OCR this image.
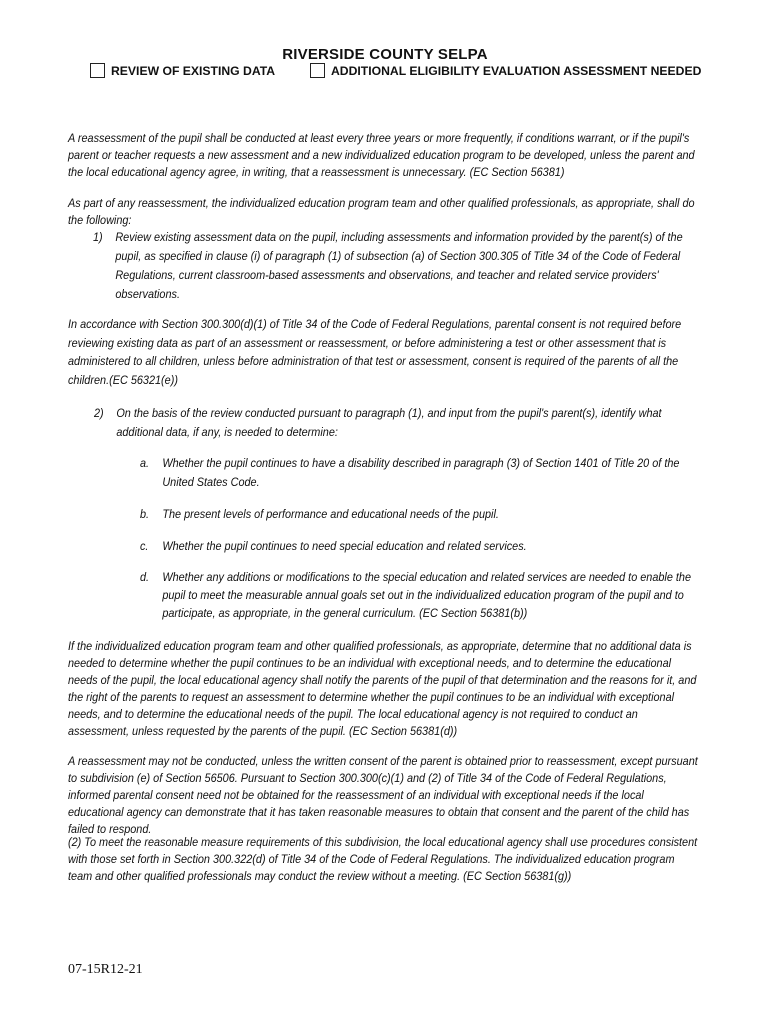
RIVERSIDE COUNTY SELPA
REVIEW OF EXISTING DATA	ADDITIONAL ELIGIBILITY EVALUATION ASSESSMENT NEEDED

A reassessment of the pupil shall be conducted at least every three years or more frequently, if conditions warrant, or if the pupil's parent or teacher requests a new assessment and a new individualized education program to be developed, unless the parent and the local educational agency agree, in writing, that a reassessment is unnecessary. (EC Section 56381)

As part of any reassessment, the individualized education program team and other qualified professionals, as appropriate, shall do the following:

1)	Review existing assessment data on the pupil, including assessments and information provided by the parent(s) of the pupil, as specified in clause (i) of paragraph (1) of subsection (a) of Section 300.305 of Title 34 of the Code of Federal Regulations, current classroom-based assessments and observations, and teacher and related service providers' observations.

In accordance with Section 300.300(d)(1) of Title 34 of the Code of Federal Regulations, parental consent is not required before reviewing existing data as part of an assessment or reassessment, or before administering a test or other assessment that is administered to all children, unless before administration of that test or assessment, consent is required of the parents of all the children.(EC 56321(e))

2)	On the basis of the review conducted pursuant to paragraph (1), and input from the pupil's parent(s), identify what additional data, if any, is needed to determine:
a.	Whether the pupil continues to have a disability described in paragraph (3) of Section 1401 of Title 20 of the United States Code.
b.	The present levels of performance and educational needs of the pupil.
c.	Whether the pupil continues to need special education and related services.
d.	Whether any additions or modifications to the special education and related services are needed to enable the pupil to meet the measurable annual goals set out in the individualized education program of the pupil and to participate, as appropriate, in the general curriculum. (EC Section 56381(b))

If the individualized education program team and other qualified professionals, as appropriate, determine that no additional data is needed to determine whether the pupil continues to be an individual with exceptional needs, and to determine the educational needs of the pupil, the local educational agency shall notify the parents of the pupil of that determination and the reasons for it, and the right of the parents to request an assessment to determine whether the pupil continues to be an individual with exceptional needs, and to determine the educational needs of the pupil. The local educational agency is not required to conduct an assessment, unless requested by the parents of the pupil. (EC Section 56381(d))

A reassessment may not be conducted, unless the written consent of the parent is obtained prior to reassessment, except pursuant to subdivision (e) of Section 56506. Pursuant to Section 300.300(c)(1) and (2) of Title 34 of the Code of Federal Regulations, informed parental consent need not be obtained for the reassessment of an individual with exceptional needs if the local educational agency can demonstrate that it has taken reasonable measures to obtain that consent and the parent of the child has failed to respond.

(2) To meet the reasonable measure requirements of this subdivision, the local educational agency shall use procedures consistent with those set forth in Section 300.322(d) of Title 34 of the Code of Federal Regulations. The individualized education program team and other qualified professionals may conduct the review without a meeting. (EC Section 56381(g))

07-15R12-21
